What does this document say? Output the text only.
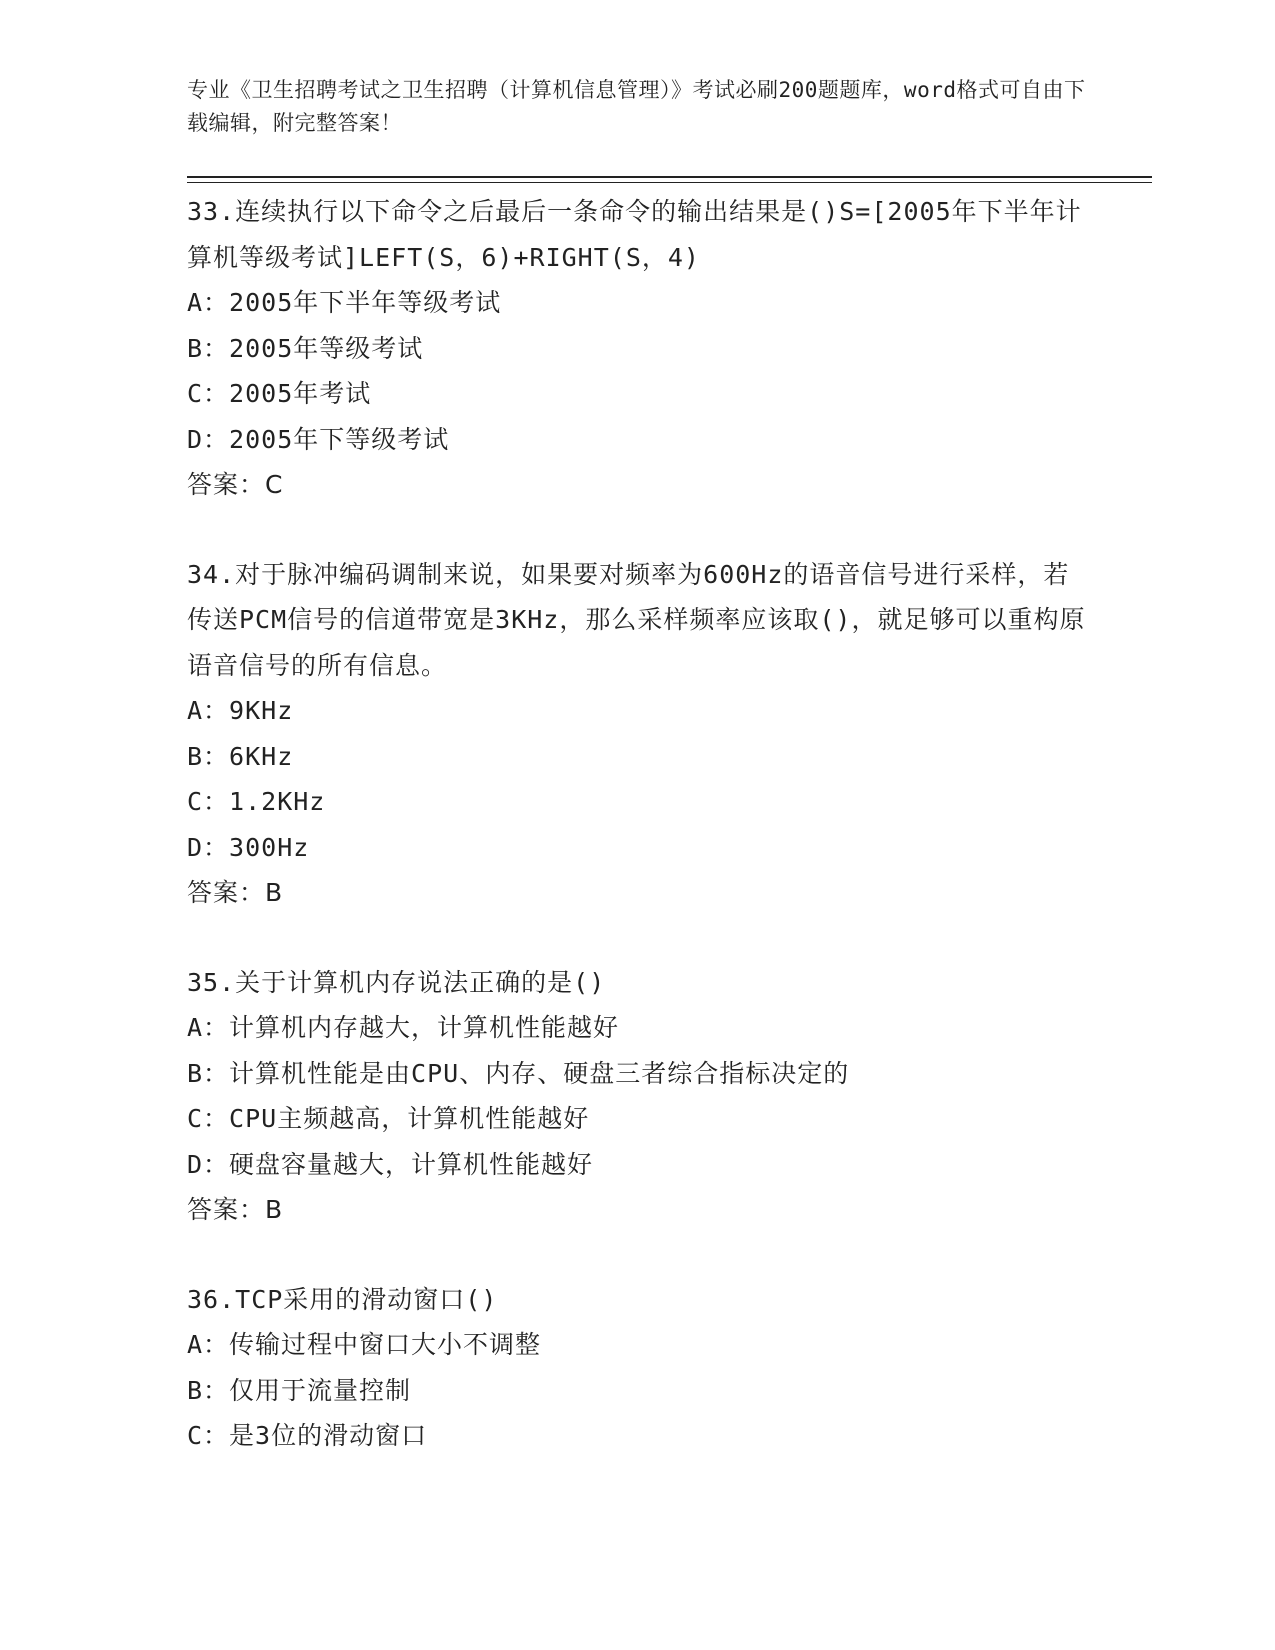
专业《卫生招聘考试之卫生招聘（计算机信息管理）》考试必刷200题题库，word格式可自由下载编辑，附完整答案！
33.连续执行以下命令之后最后一条命令的输出结果是()S=[2005年下半年计算机等级考试]LEFT(S，6)+RIGHT(S，4)
A：2005年下半年等级考试
B：2005年等级考试
C：2005年考试
D：2005年下等级考试
答案：C
34.对于脉冲编码调制来说，如果要对频率为600Hz的语音信号进行采样，若传送PCM信号的信道带宽是3KHz，那么采样频率应该取()，就足够可以重构原语音信号的所有信息。
A：9KHz
B：6KHz
C：1.2KHz
D：300Hz
答案：B
35.关于计算机内存说法正确的是()
A：计算机内存越大，计算机性能越好
B：计算机性能是由CPU、内存、硬盘三者综合指标决定的
C：CPU主频越高，计算机性能越好
D：硬盘容量越大，计算机性能越好
答案：B
36.TCP采用的滑动窗口()
A：传输过程中窗口大小不调整
B：仅用于流量控制
C：是3位的滑动窗口
